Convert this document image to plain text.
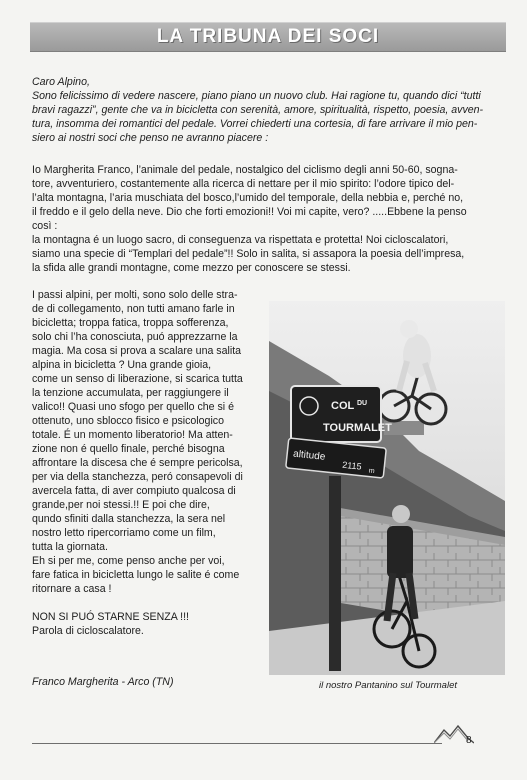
LA TRIBUNA DEI SOCI

Caro Alpino,

Sono felicissimo di vedere nascere, piano piano un nuovo club. Hai ragione tu, quando dici “tutti

bravi ragazzi”, gente che va in bicicletta con serenità, amore, spiritualità, rispetto, poesia, avven-

tura, insomma dei romantici del pedale. Vorrei chiederti una cortesia, di fare arrivare il mio pen-

siero ai nostri soci che penso ne avranno piacere :

Io Margherita Franco, l’animale del pedale, nostalgico del ciclismo degli anni 50-60, sogna-

tore, avventuriero, costantemente alla ricerca di nettare per il mio spirito: l’odore tipico del-

l’alta montagna, l’aria muschiata del bosco,l’umido del temporale, della nebbia e, perché no,

il freddo e il gelo della neve. Dio che forti emozioni!! Voi mi capite, vero? .....Ebbene la penso

così :

la montagna é un luogo sacro, di conseguenza va rispettata e protetta! Noi cicloscalatori,

siamo una specie di “Templari del pedale”!! Solo in salita, si assapora la poesia dell’impresa,

la sfida alle grandi montagne, come mezzo per conoscere se stessi.

I passi alpini, per molti, sono solo delle stra-

de di collegamento, non tutti amano farle in

bicicletta; troppa fatica, troppa sofferenza,

solo chi l’ha conosciuta, puó apprezzarne la

magia. Ma cosa si prova a scalare una salita

alpina in bicicletta ? Una grande gioia,

come un senso di liberazione, si scarica tutta

la tenzione accumulata, per raggiungere il

valico!! Quasi uno sfogo per quello che si é

ottenuto, uno sblocco fisico e psicologico

totale. É un momento liberatorio! Ma atten-

zione non é quello finale, perché bisogna

affrontare la discesa che é sempre pericolsa,

per via della stanchezza, peró consapevoli di

avercela fatta, di aver compiuto qualcosa di

grande,per noi stessi.!! E poi che dire,

qundo sfiniti dalla stanchezza, la sera nel

nostro letto ripercorriamo come un film,

tutta la giornata.

Eh si per me, come penso anche per voi,

fare fatica in bicicletta lungo le salite é come

ritornare a casa !

NON SI PUÓ STARNE SENZA !!!

Parola di cicloscalatore.

Franco Margherita - Arco (TN)
COL DU
TOURMALET
altitude
2115 m
il nostro Pantanino sul Tourmalet
8
